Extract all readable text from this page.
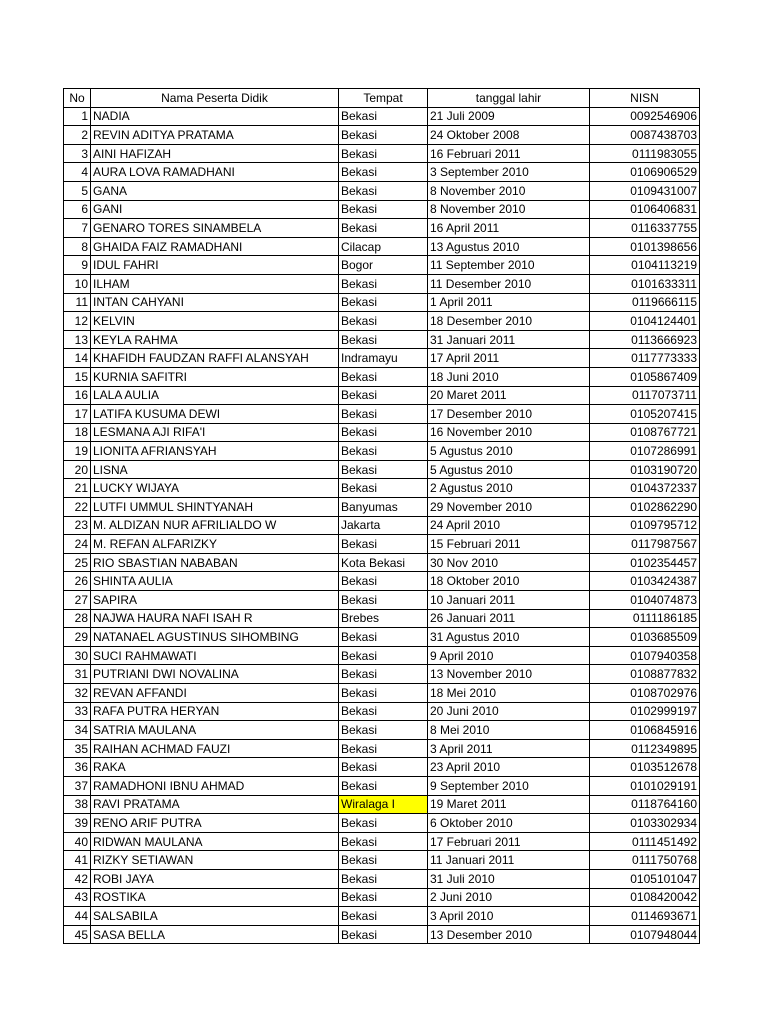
No	Nama Peserta Didik	Tempat	tanggal lahir	NISN
1	NADIA	Bekasi	21 Juli 2009	0092546906
2	REVIN ADITYA PRATAMA	Bekasi	24 Oktober 2008	0087438703
3	AINI HAFIZAH	Bekasi	16 Februari 2011	0111983055
4	AURA LOVA RAMADHANI	Bekasi	3 September 2010	0106906529
5	GANA	Bekasi	8 November 2010	0109431007
6	GANI	Bekasi	8 November 2010	0106406831
7	GENARO TORES SINAMBELA	Bekasi	16 April 2011	0116337755
8	GHAIDA FAIZ RAMADHANI	Cilacap	13 Agustus 2010	0101398656
9	IDUL FAHRI	Bogor	11 September 2010	0104113219
10	ILHAM	Bekasi	11 Desember 2010	0101633311
11	INTAN CAHYANI	Bekasi	1 April 2011	0119666115
12	KELVIN	Bekasi	18 Desember 2010	0104124401
13	KEYLA RAHMA	Bekasi	31 Januari 2011	0113666923
14	KHAFIDH FAUDZAN RAFFI ALANSYAH	Indramayu	17 April 2011	0117773333
15	KURNIA SAFITRI	Bekasi	18 Juni 2010	0105867409
16	LALA AULIA	Bekasi	20 Maret 2011	0117073711
17	LATIFA KUSUMA DEWI	Bekasi	17 Desember 2010	0105207415
18	LESMANA AJI RIFA'I	Bekasi	16 November 2010	0108767721
19	LIONITA AFRIANSYAH	Bekasi	5 Agustus 2010	0107286991
20	LISNA	Bekasi	5 Agustus 2010	0103190720
21	LUCKY WIJAYA	Bekasi	2 Agustus 2010	0104372337
22	LUTFI UMMUL SHINTYANAH	Banyumas	29 November 2010	0102862290
23	M. ALDIZAN NUR AFRILIALDO W	Jakarta	24 April 2010	0109795712
24	M. REFAN ALFARIZKY	Bekasi	15 Februari 2011	0117987567
25	RIO SBASTIAN NABABAN	Kota Bekasi	30 Nov 2010	0102354457
26	SHINTA AULIA	Bekasi	18 Oktober 2010	0103424387
27	SAPIRA	Bekasi	10 Januari 2011	0104074873
28	NAJWA HAURA NAFI ISAH R	Brebes	26 Januari 2011	0111186185
29	NATANAEL AGUSTINUS SIHOMBING	Bekasi	31 Agustus 2010	0103685509
30	SUCI RAHMAWATI	Bekasi	9 April 2010	0107940358
31	PUTRIANI DWI NOVALINA	Bekasi	13 November 2010	0108877832
32	REVAN AFFANDI	Bekasi	18 Mei 2010	0108702976
33	RAFA PUTRA HERYAN	Bekasi	20 Juni 2010	0102999197
34	SATRIA MAULANA	Bekasi	8 Mei 2010	0106845916
35	RAIHAN ACHMAD FAUZI	Bekasi	3 April 2011	0112349895
36	RAKA	Bekasi	23 April 2010	0103512678
37	RAMADHONI IBNU AHMAD	Bekasi	9 September 2010	0101029191
38	RAVI PRATAMA	Wiralaga I	19 Maret 2011	0118764160
39	RENO ARIF PUTRA	Bekasi	6 Oktober 2010	0103302934
40	RIDWAN MAULANA	Bekasi	17 Februari 2011	0111451492
41	RIZKY SETIAWAN	Bekasi	11 Januari 2011	0111750768
42	ROBI JAYA	Bekasi	31 Juli 2010	0105101047
43	ROSTIKA	Bekasi	2 Juni 2010	0108420042
44	SALSABILA	Bekasi	3 April 2010	0114693671
45	SASA BELLA	Bekasi	13 Desember 2010	0107948044
